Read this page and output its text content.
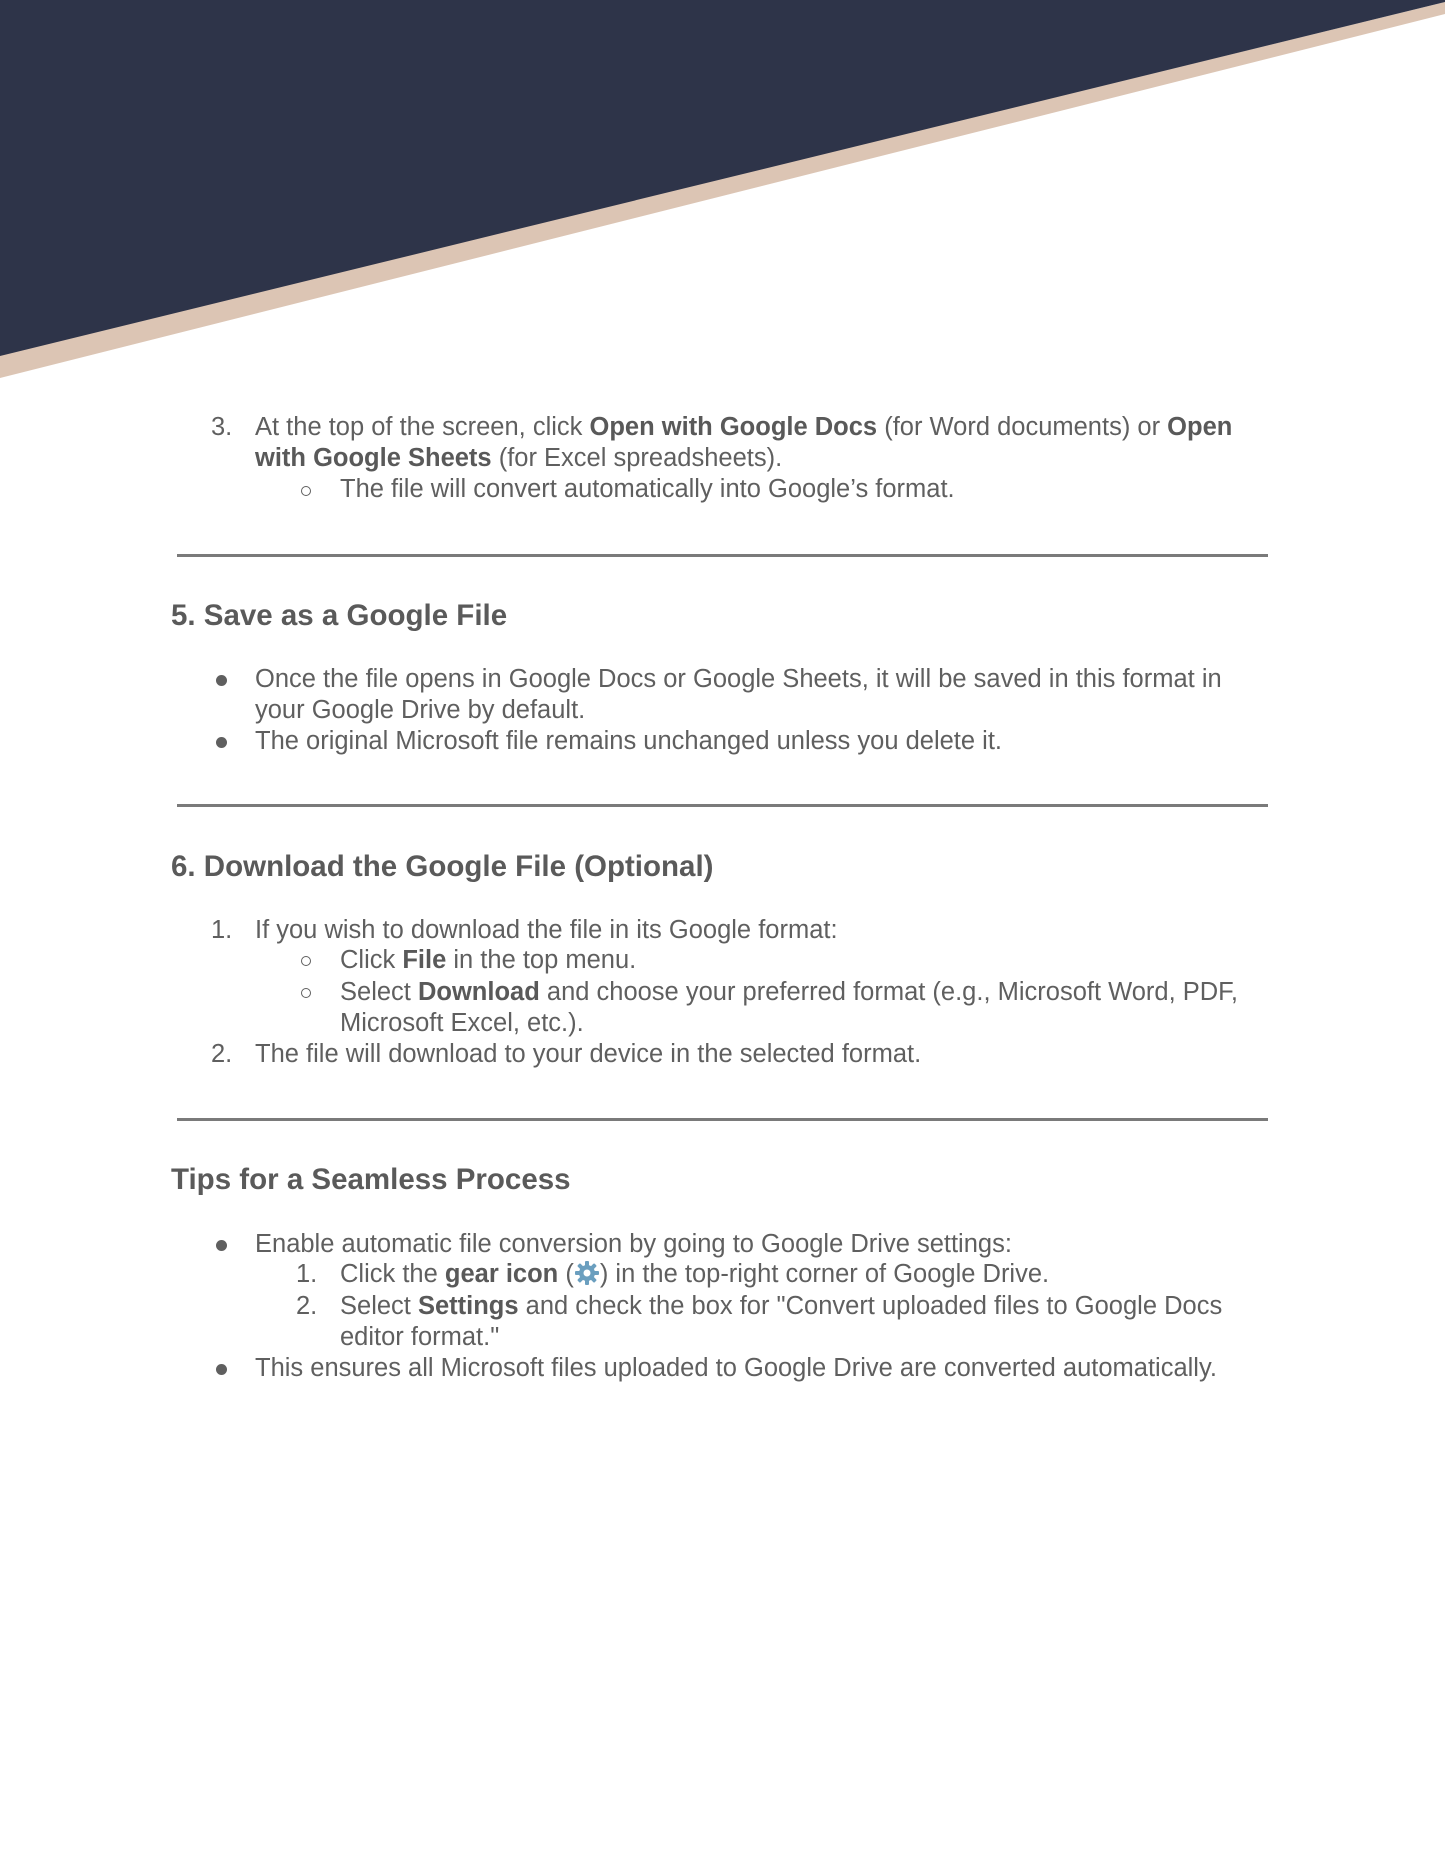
3. At the top of the screen, click Open with Google Docs (for Word documents) or Open
with Google Sheets (for Excel spreadsheets).
The file will convert automatically into Google’s format.
5. Save as a Google File
Once the file opens in Google Docs or Google Sheets, it will be saved in this format in
your Google Drive by default.
The original Microsoft file remains unchanged unless you delete it.
6. Download the Google File (Optional)
1. If you wish to download the file in its Google format:
Click File in the top menu.
Select Download and choose your preferred format (e.g., Microsoft Word, PDF,
Microsoft Excel, etc.).
2. The file will download to your device in the selected format.
Tips for a Seamless Process
Enable automatic file conversion by going to Google Drive settings:
1. Click the gear icon ( ) in the top-right corner of Google Drive.
2. Select Settings and check the box for "Convert uploaded files to Google Docs
editor format."
This ensures all Microsoft files uploaded to Google Drive are converted automatically.
